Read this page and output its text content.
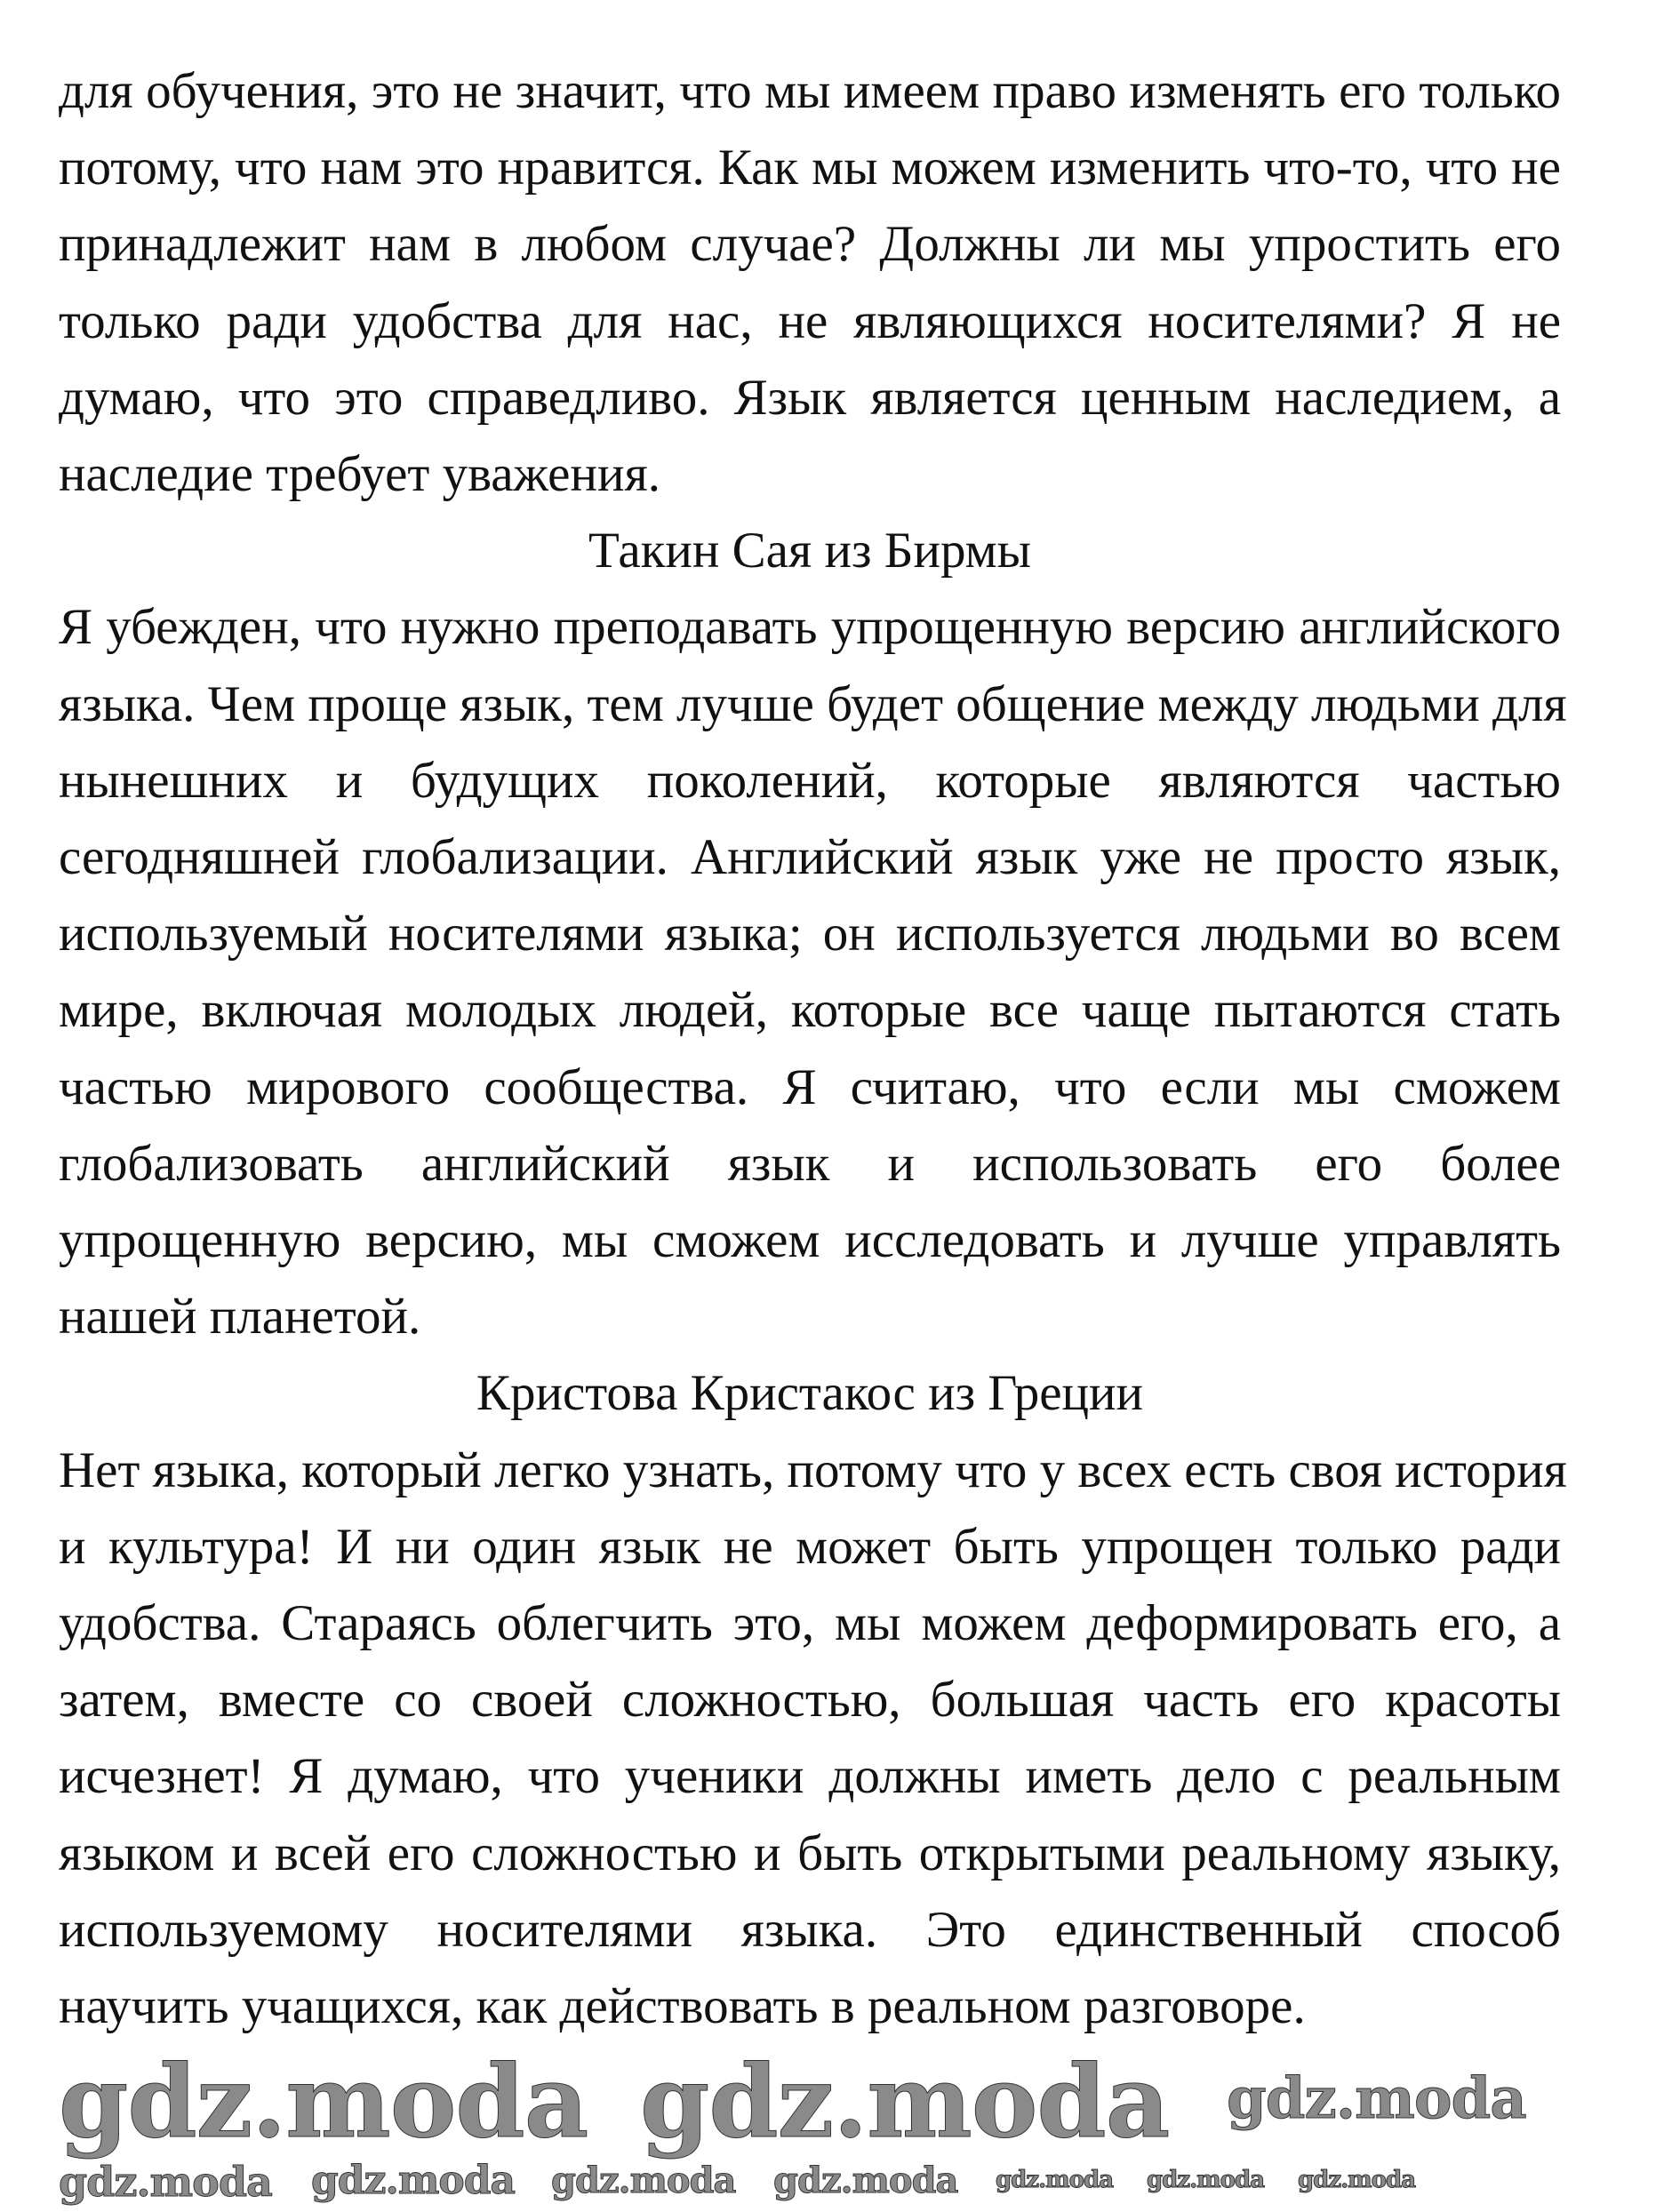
для обучения, это не значит, что мы имеем право изменять его только
потому, что нам это нравится. Как мы можем изменить что-то, что не
принадлежит нам в любом случае? Должны ли мы упростить его
только ради удобства для нас, не являющихся носителями? Я не
думаю, что это справедливо. Язык является ценным наследием, а
наследие требует уважения.
Такин Сая из Бирмы
Я убежден, что нужно преподавать упрощенную версию английского
языка. Чем проще язык, тем лучше будет общение между людьми для
нынешних и будущих поколений, которые являются частью
сегодняшней глобализации. Английский язык уже не просто язык,
используемый носителями языка; он используется людьми во всем
мире, включая молодых людей, которые все чаще пытаются стать
частью мирового сообщества. Я считаю, что если мы сможем
глобализовать английский язык и использовать его более
упрощенную версию, мы сможем исследовать и лучше управлять
нашей планетой.
Кристова Кристакос из Греции
Нет языка, который легко узнать, потому что у всех есть своя история
и культура! И ни один язык не может быть упрощен только ради
удобства. Стараясь облегчить это, мы можем деформировать его, а
затем, вместе со своей сложностью, большая часть его красоты
исчезнет! Я думаю, что ученики должны иметь дело с реальным
языком и всей его сложностью и быть открытыми реальному языку,
используемому носителями языка. Это единственный способ
научить учащихся, как действовать в реальном разговоре.
gdz.moda gdz.moda gdz.moda
gdz.moda gdz.moda gdz.moda gdz.moda gdz.moda gdz.moda gdz.moda
